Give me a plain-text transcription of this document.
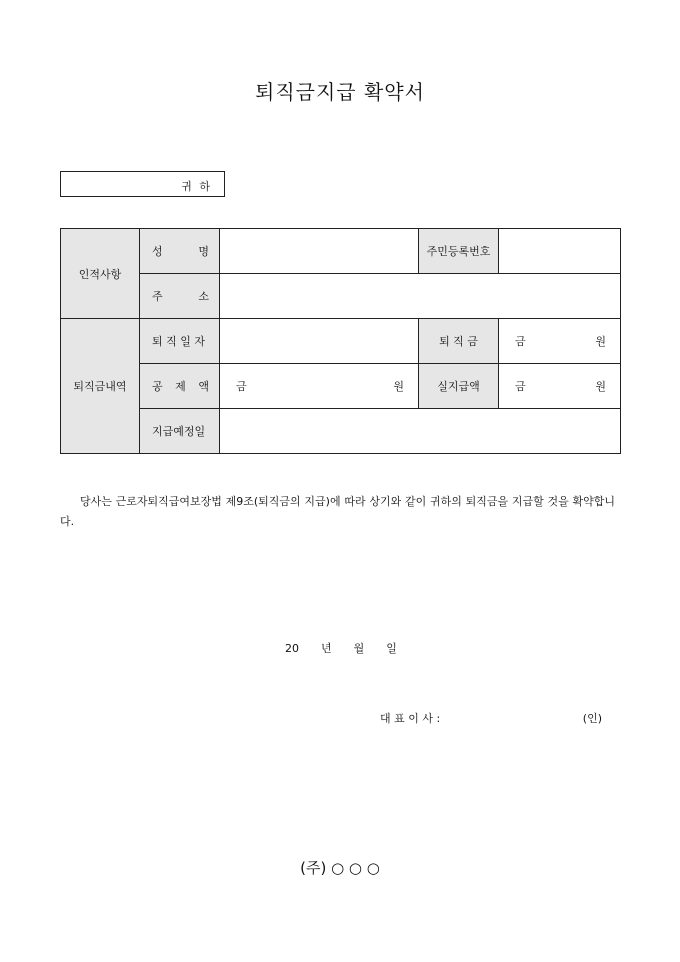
퇴직금지급 확약서
귀 하
인적사항	성 명		주민등록번호	

	주 소			

퇴직금내역	퇴 직 일 자		퇴 직 금	금 원

	공 제 액	금 원	실지급액	금 원

	지급예정일			

당사는 근로자퇴직급여보장법 제9조(퇴직금의 지급)에 따라 상기와 같이 귀하의 퇴직금을 지급할 것을 확약합니다.
20 년 월 일
대 표 이 사 :	(인)
(주) ○ ○ ○
